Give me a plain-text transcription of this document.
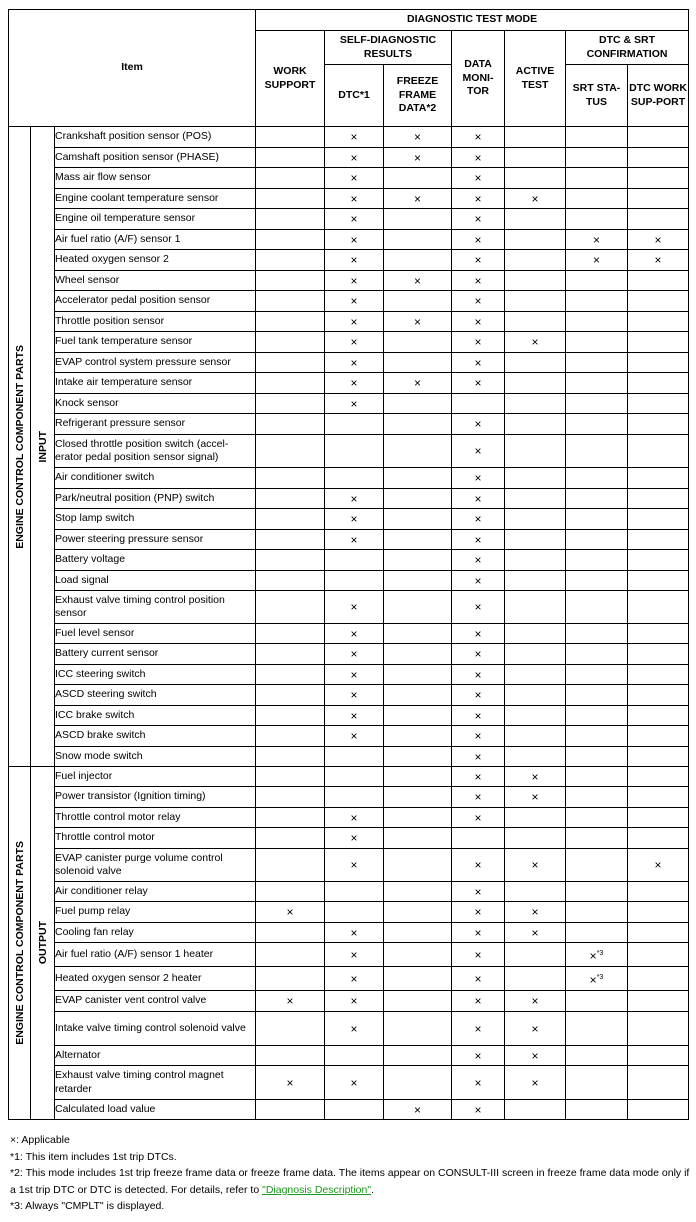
Item			DIAGNOSTIC TEST MODE						
			WORK SUPPORT	SELF-DIAGNOSTIC RESULTS		DATA MONI-TOR	ACTIVE TEST	DTC & SRT CONFIRMATION	
				DTC*1	FREEZE FRAME DATA*2			SRT STA-TUS	DTC WORK SUP-PORT

ENGINE CONTROL COMPONENT PARTS	INPUT	Crankshaft position sensor (POS)		×	×	×			
		Camshaft position sensor (PHASE)		×	×	×			
		Mass air flow sensor		×		×			
		Engine coolant temperature sensor		×	×	×	×		
		Engine oil temperature sensor		×		×			
		Air fuel ratio (A/F) sensor 1		×		×		×	×
		Heated oxygen sensor 2		×		×		×	×
		Wheel sensor		×	×	×			
		Accelerator pedal position sensor		×		×			
		Throttle position sensor		×	×	×			
		Fuel tank temperature sensor		×		×	×		
		EVAP control system pressure sensor		×		×			
		Intake air temperature sensor		×	×	×			
		Knock sensor		×					
		Refrigerant pressure sensor				×			
		Closed throttle position switch (accel-erator pedal position sensor signal)				×			
		Air conditioner switch				×			
		Park/neutral position (PNP) switch		×		×			
		Stop lamp switch		×		×			
		Power steering pressure sensor		×		×			
		Battery voltage				×			
		Load signal				×			
		Exhaust valve timing control position sensor		×		×			
		Fuel level sensor		×		×			
		Battery current sensor		×		×			
		ICC steering switch		×		×			
		ASCD steering switch		×		×			
		ICC brake switch		×		×			
		ASCD brake switch		×		×			
		Snow mode switch				×			

ENGINE CONTROL COMPONENT PARTS	OUTPUT	Fuel injector				×	×		
		Power transistor (Ignition timing)				×	×		
		Throttle control motor relay		×		×			
		Throttle control motor		×					
		EVAP canister purge volume control solenoid valve		×		×	×		×
		Air conditioner relay				×			
		Fuel pump relay	×			×	×		
		Cooling fan relay		×		×	×		
		Air fuel ratio (A/F) sensor 1 heater		×		×		×$^{*3}$	
		Heated oxygen sensor 2 heater		×		×		×$^{*3}$	
		EVAP canister vent control valve	×	×		×	×		
		Intake valve timing control solenoid valve		×		×	×		
		Alternator				×	×		
		Exhaust valve timing control magnet retarder	×	×		×	×		
		Calculated load value			×	×			
×: Applicable
*1: This item includes 1st trip DTCs.
*2: This mode includes 1st trip freeze frame data or freeze frame data. The items appear on CONSULT-III screen in freeze frame data mode only if a 1st trip DTC or DTC is detected. For details, refer to "Diagnosis Description".
*3: Always "CMPLT" is displayed.
